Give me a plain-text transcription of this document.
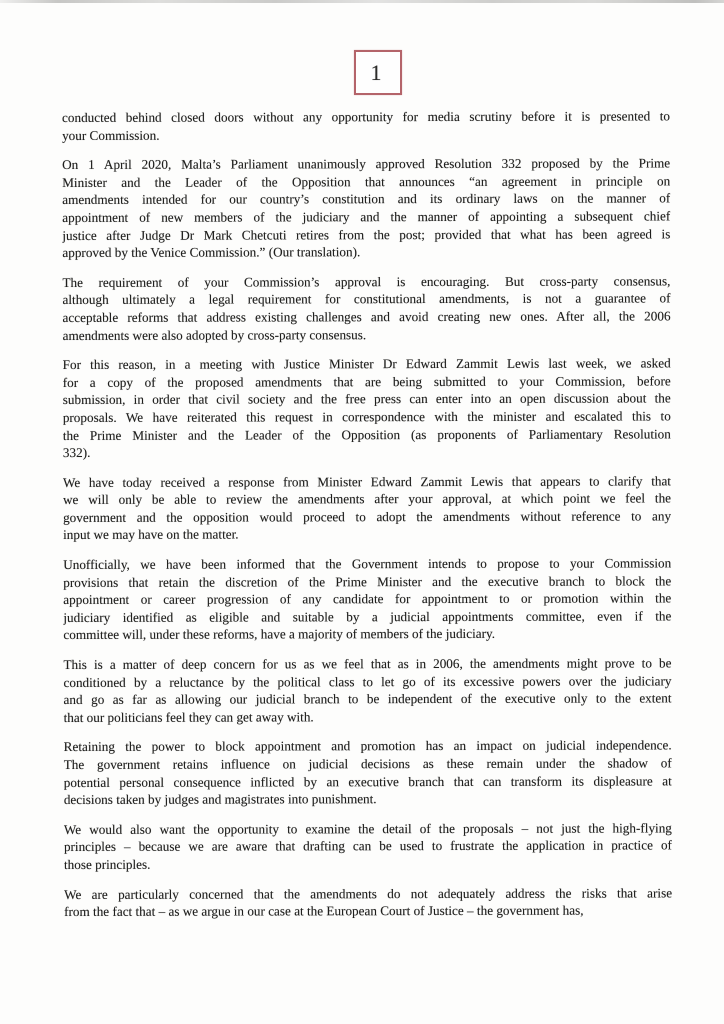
1
conducted behind closed doors without any opportunity for media scrutiny before it is presented to
your Commission.
On 1 April 2020, Malta’s Parliament unanimously approved Resolution 332 proposed by the Prime
Minister and the Leader of the Opposition that announces “an agreement in principle on
amendments intended for our country’s constitution and its ordinary laws on the manner of
appointment of new members of the judiciary and the manner of appointing a subsequent chief
justice after Judge Dr Mark Chetcuti retires from the post; provided that what has been agreed is
approved by the Venice Commission.” (Our translation).
The requirement of your Commission’s approval is encouraging. But cross-party consensus,
although ultimately a legal requirement for constitutional amendments, is not a guarantee of
acceptable reforms that address existing challenges and avoid creating new ones. After all, the 2006
amendments were also adopted by cross-party consensus.
For this reason, in a meeting with Justice Minister Dr Edward Zammit Lewis last week, we asked
for a copy of the proposed amendments that are being submitted to your Commission, before
submission, in order that civil society and the free press can enter into an open discussion about the
proposals. We have reiterated this request in correspondence with the minister and escalated this to
the Prime Minister and the Leader of the Opposition (as proponents of Parliamentary Resolution
332).
We have today received a response from Minister Edward Zammit Lewis that appears to clarify that
we will only be able to review the amendments after your approval, at which point we feel the
government and the opposition would proceed to adopt the amendments without reference to any
input we may have on the matter.
Unofficially, we have been informed that the Government intends to propose to your Commission
provisions that retain the discretion of the Prime Minister and the executive branch to block the
appointment or career progression of any candidate for appointment to or promotion within the
judiciary identified as eligible and suitable by a judicial appointments committee, even if the
committee will, under these reforms, have a majority of members of the judiciary.
This is a matter of deep concern for us as we feel that as in 2006, the amendments might prove to be
conditioned by a reluctance by the political class to let go of its excessive powers over the judiciary
and go as far as allowing our judicial branch to be independent of the executive only to the extent
that our politicians feel they can get away with.
Retaining the power to block appointment and promotion has an impact on judicial independence.
The government retains influence on judicial decisions as these remain under the shadow of
potential personal consequence inflicted by an executive branch that can transform its displeasure at
decisions taken by judges and magistrates into punishment.
We would also want the opportunity to examine the detail of the proposals – not just the high-flying
principles – because we are aware that drafting can be used to frustrate the application in practice of
those principles.
We are particularly concerned that the amendments do not adequately address the risks that arise
from the fact that – as we argue in our case at the European Court of Justice – the government has,
